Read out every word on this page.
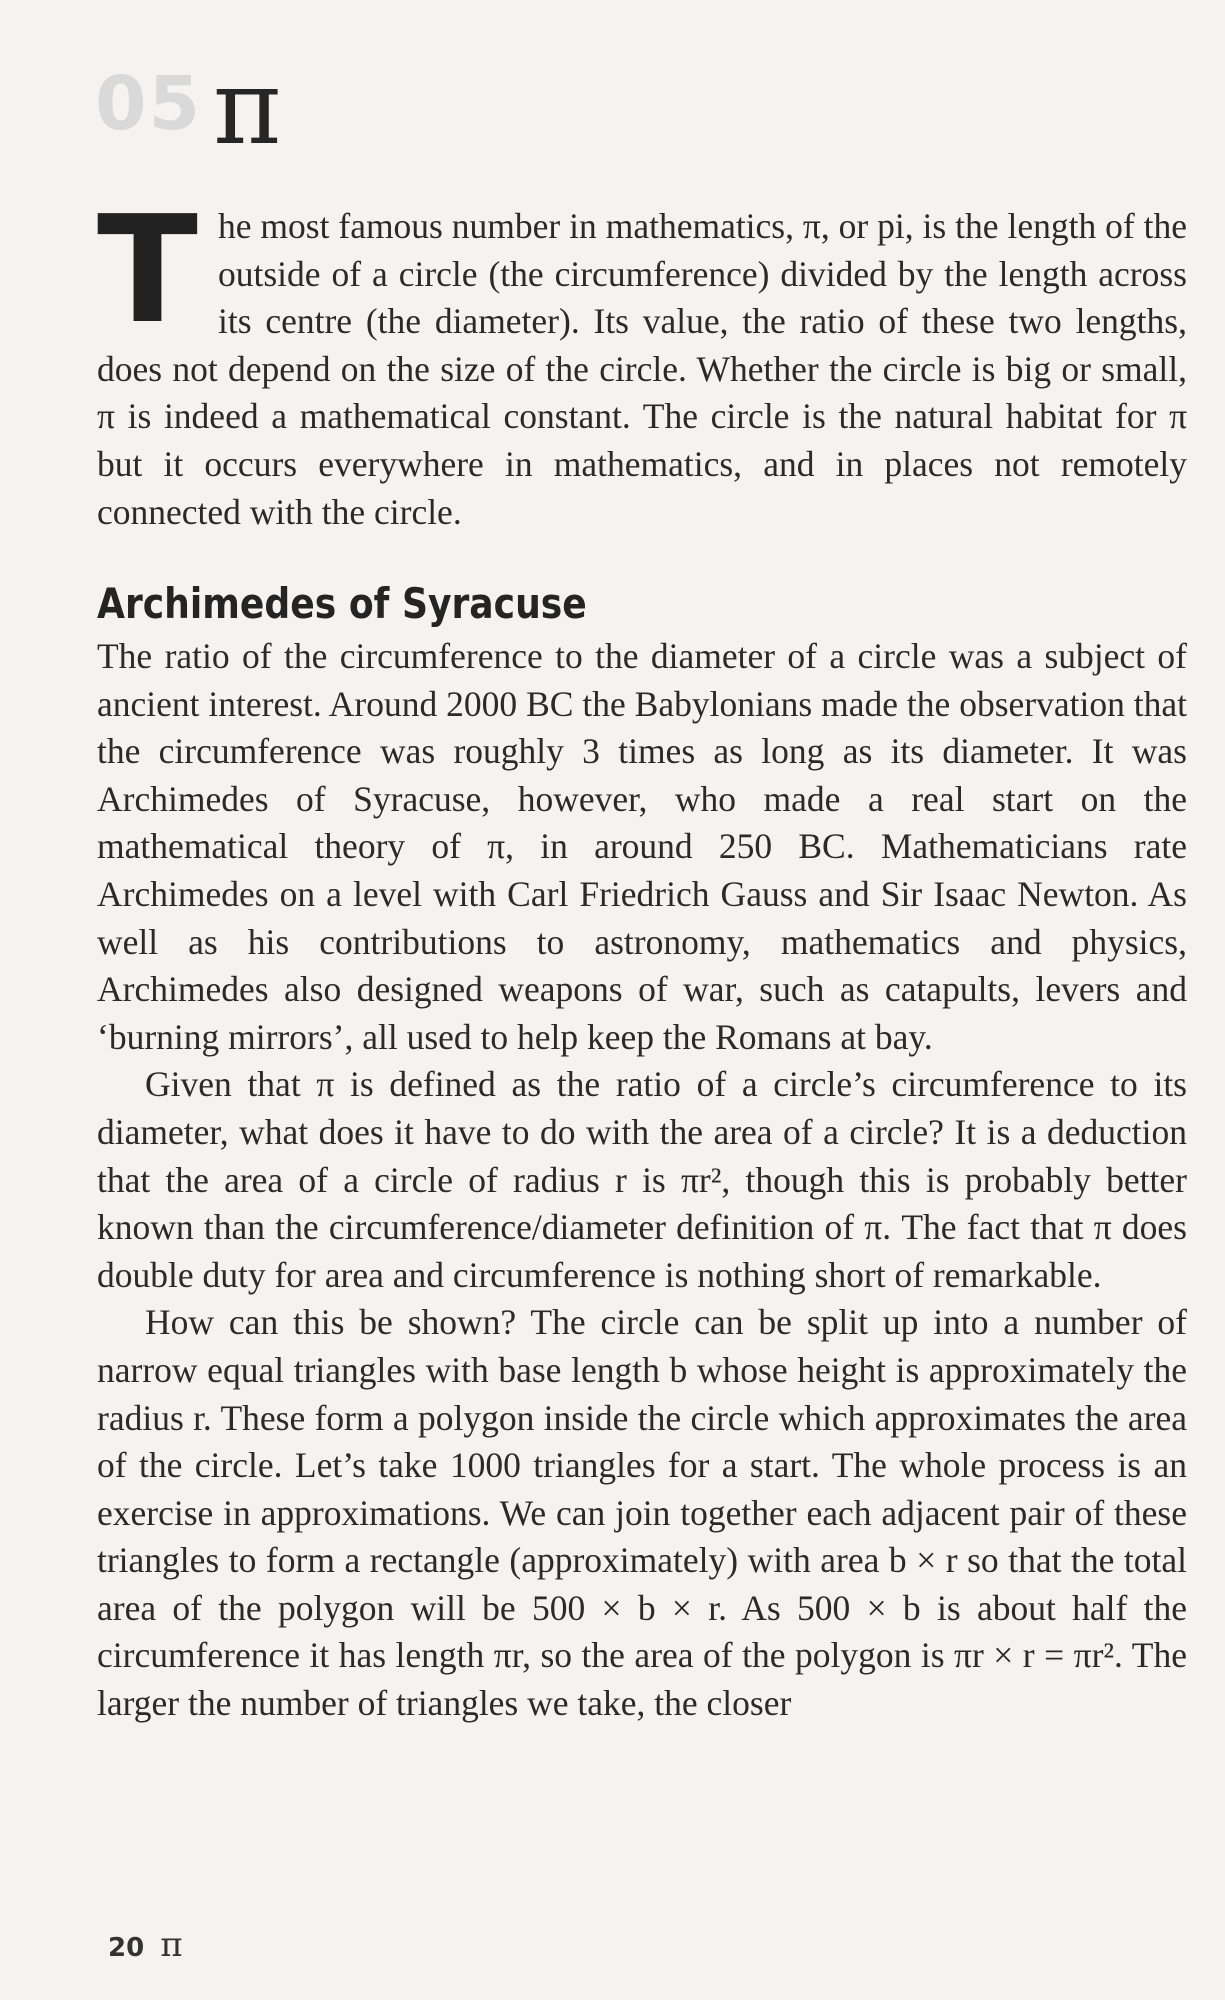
05 π
T he most famous number in mathematics, π, or pi, is the length of the outside of a circle (the circumference) divided by the length across its centre (the diameter). Its value, the ratio of these two lengths, does not depend on the size of the circle. Whether the circle is big or small, π is indeed a mathematical constant. The circle is the natural habitat for π but it occurs everywhere in mathematics, and in places not remotely connected with the circle.
Archimedes of Syracuse

The ratio of the circumference to the diameter of a circle was a subject of ancient interest. Around 2000 BC the Babylonians made the observation that the circumference was roughly 3 times as long as its diameter. It was Archimedes of Syracuse, however, who made a real start on the mathematical theory of π, in around 250 BC. Mathematicians rate Archimedes on a level with Carl Friedrich Gauss and Sir Isaac Newton. As well as his contributions to astronomy, mathematics and physics, Archimedes also designed weapons of war, such as catapults, levers and ‘burning mirrors’, all used to help keep the Romans at bay.

Given that π is defined as the ratio of a circle’s circumference to its diameter, what does it have to do with the area of a circle? It is a deduction that the area of a circle of radius r is πr², though this is probably better known than the circumference/diameter definition of π. The fact that π does double duty for area and circumference is nothing short of remarkable.

How can this be shown? The circle can be split up into a number of narrow equal triangles with base length b whose height is approximately the radius r. These form a polygon inside the circle which approximates the area of the circle. Let’s take 1000 triangles for a start. The whole process is an exercise in approximations. We can join together each adjacent pair of these triangles to form a rectangle (approximately) with area b × r so that the total area of the polygon will be 500 × b × r. As 500 × b is about half the circumference it has length πr, so the area of the polygon is πr × r = πr². The larger the number of triangles we take, the closer

20 π
